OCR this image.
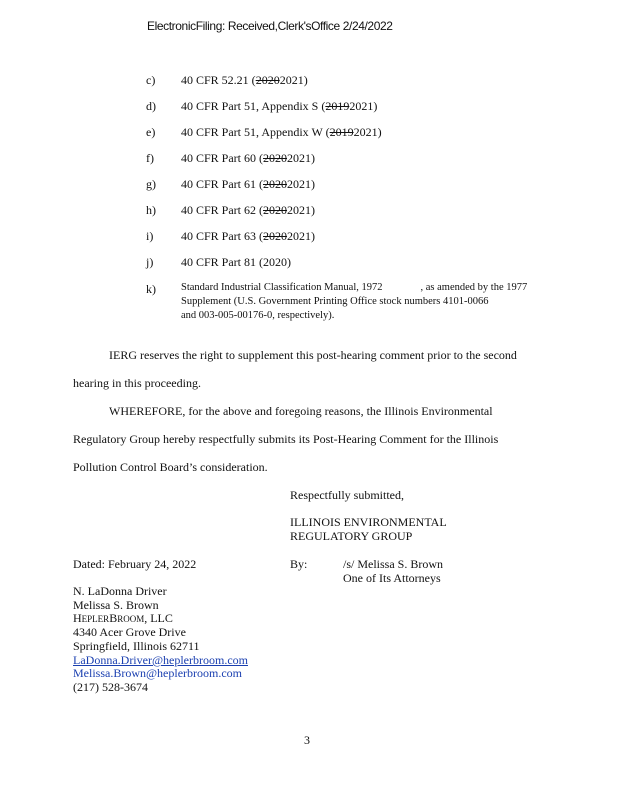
ElectronicFiling: Received,Clerk'sOffice 2/24/2022
c) 40 CFR 52.21 (20202021)
d) 40 CFR Part 51, Appendix S (20192021)
e) 40 CFR Part 51, Appendix W (20192021)
f) 40 CFR Part 60 (20202021)
g) 40 CFR Part 61 (20202021)
h) 40 CFR Part 62 (20202021)
i) 40 CFR Part 63 (20202021)
j) 40 CFR Part 81 (2020)
k) Standard Industrial Classification Manual, 1972	, as amended by the 1977
Supplement (U.S. Government Printing Office stock numbers 4101-0066
and 003-005-00176-0, respectively).
IERG reserves the right to supplement this post-hearing comment prior to the second
hearing in this proceeding.
WHEREFORE, for the above and foregoing reasons, the Illinois Environmental
Regulatory Group hereby respectfully submits its Post-Hearing Comment for the Illinois
Pollution Control Board’s consideration.
Respectfully submitted,
ILLINOIS ENVIRONMENTAL
REGULATORY GROUP
Dated: February 24, 2022	By:	/s/ Melissa S. Brown
One of Its Attorneys
N. LaDonna Driver
Melissa S. Brown
HEPLERBROOM, LLC
4340 Acer Grove Drive
Springfield, Illinois 62711
LaDonna.Driver@heplerbroom.com
Melissa.Brown@heplerbroom.com
(217) 528-3674
3
